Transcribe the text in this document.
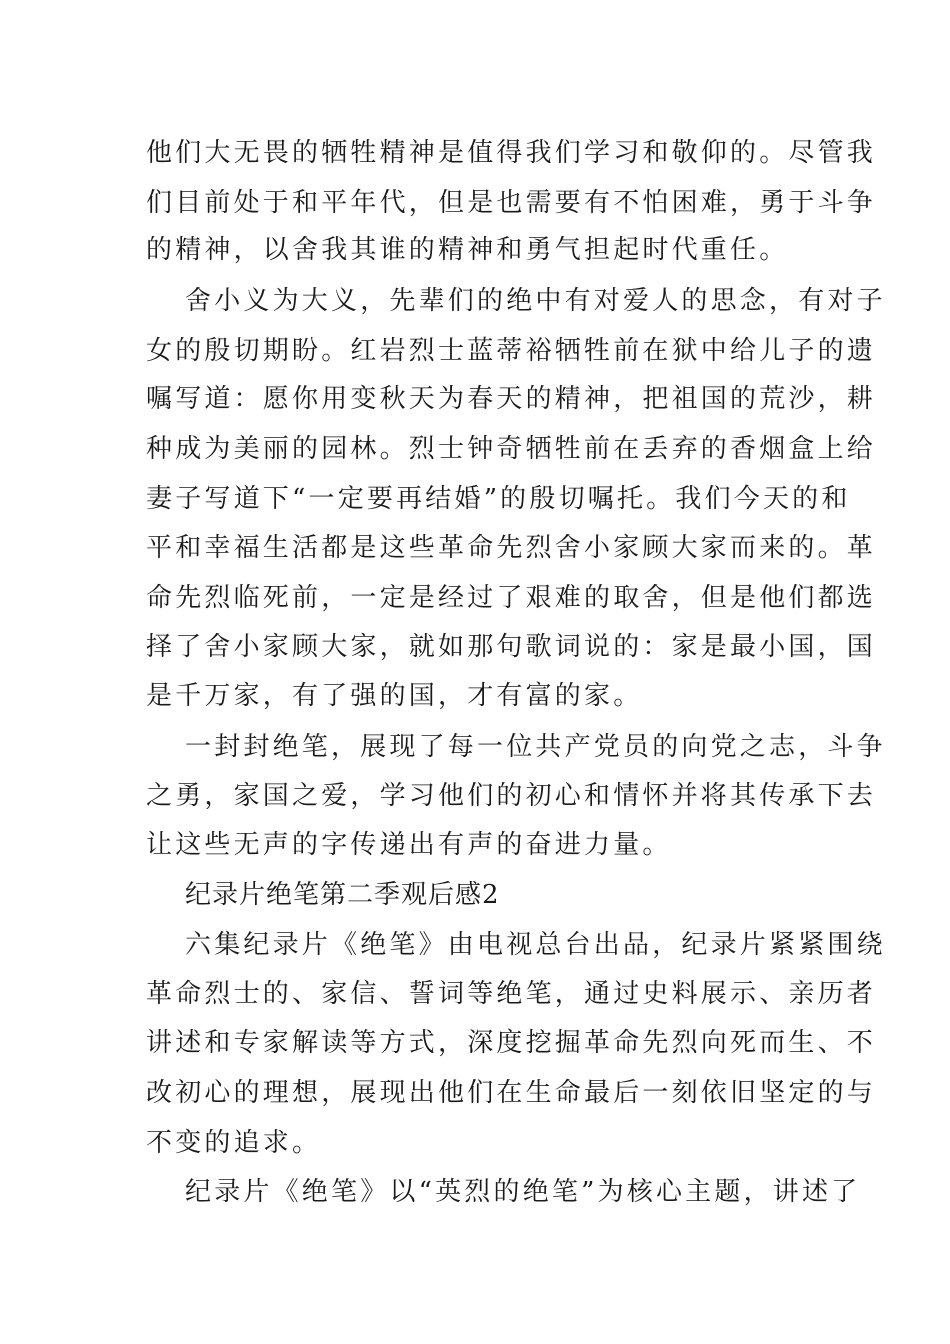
他们大无畏的牺牲精神是值得我们学习和敬仰的。尽管我

们目前处于和平年代，但是也需要有不怕困难，勇于斗争

的精神，以舍我其谁的精神和勇气担起时代重任。

舍小义为大义，先辈们的绝中有对爱人的思念，有对子

女的殷切期盼。红岩烈士蓝蒂裕牺牲前在狱中给儿子的遗

嘱写道：愿你用变秋天为春天的精神，把祖国的荒沙，耕

种成为美丽的园林。烈士钟奇牺牲前在丢弃的香烟盒上给

妻子写道下“一定要再结婚”的殷切嘱托。我们今天的和

平和幸福生活都是这些革命先烈舍小家顾大家而来的。革

命先烈临死前，一定是经过了艰难的取舍，但是他们都选

择了舍小家顾大家，就如那句歌词说的：家是最小国，国

是千万家，有了强的国，才有富的家。

一封封绝笔，展现了每一位共产党员的向党之志，斗争

之勇，家国之爱，学习他们的初心和情怀并将其传承下去

让这些无声的字传递出有声的奋进力量。

纪录片绝笔第二季观后感2

六集纪录片《绝笔》由电视总台出品，纪录片紧紧围绕

革命烈士的、家信、誓词等绝笔，通过史料展示、亲历者

讲述和专家解读等方式，深度挖掘革命先烈向死而生、不

改初心的理想，展现出他们在生命最后一刻依旧坚定的与

不变的追求。

纪录片《绝笔》以“英烈的绝笔”为核心主题，讲述了
